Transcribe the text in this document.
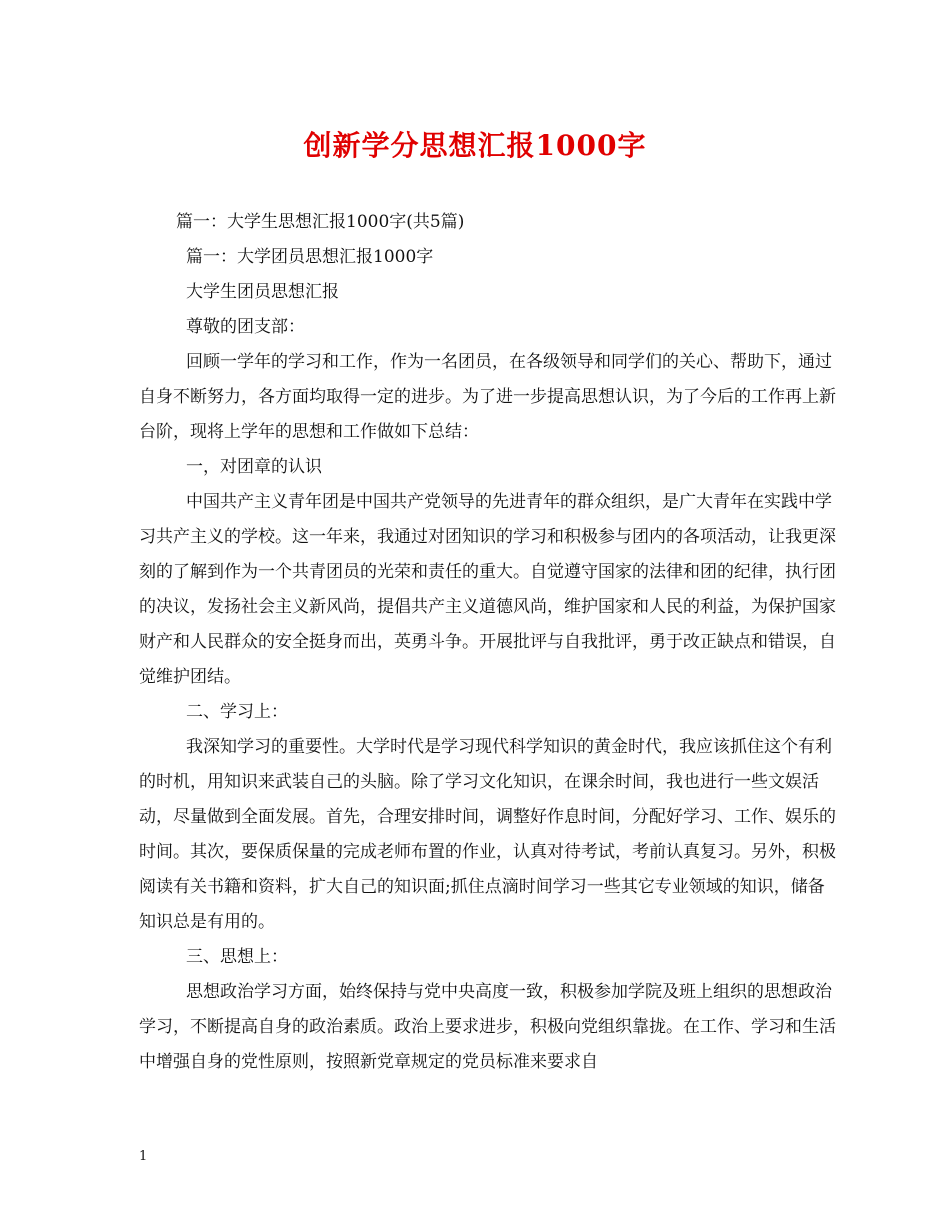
创新学分思想汇报1000字

篇一：大学生思想汇报1000字(共5篇)

篇一：大学团员思想汇报1000字

大学生团员思想汇报

尊敬的团支部：

回顾一学年的学习和工作，作为一名团员，在各级领导和同学们的关心、帮助下，通过自身不断努力，各方面均取得一定的进步。为了进一步提高思想认识，为了今后的工作再上新台阶，现将上学年的思想和工作做如下总结：

一，对团章的认识

中国共产主义青年团是中国共产党领导的先进青年的群众组织，是广大青年在实践中学习共产主义的学校。这一年来，我通过对团知识的学习和积极参与团内的各项活动，让我更深刻的了解到作为一个共青团员的光荣和责任的重大。自觉遵守国家的法律和团的纪律，执行团的决议，发扬社会主义新风尚，提倡共产主义道德风尚，维护国家和人民的利益，为保护国家财产和人民群众的安全挺身而出，英勇斗争。开展批评与自我批评，勇于改正缺点和错误，自觉维护团结。

二、学习上：

我深知学习的重要性。大学时代是学习现代科学知识的黄金时代，我应该抓住这个有利的时机，用知识来武装自己的头脑。除了学习文化知识，在课余时间，我也进行一些文娱活动，尽量做到全面发展。首先，合理安排时间，调整好作息时间，分配好学习、工作、娱乐的时间。其次，要保质保量的完成老师布置的作业，认真对待考试，考前认真复习。另外，积极阅读有关书籍和资料，扩大自己的知识面;抓住点滴时间学习一些其它专业领域的知识，储备知识总是有用的。

三、思想上：

思想政治学习方面，始终保持与党中央高度一致，积极参加学院及班上组织的思想政治学习，不断提高自身的政治素质。政治上要求进步，积极向党组织靠拢。在工作、学习和生活中增强自身的党性原则，按照新党章规定的党员标准来要求自

1
